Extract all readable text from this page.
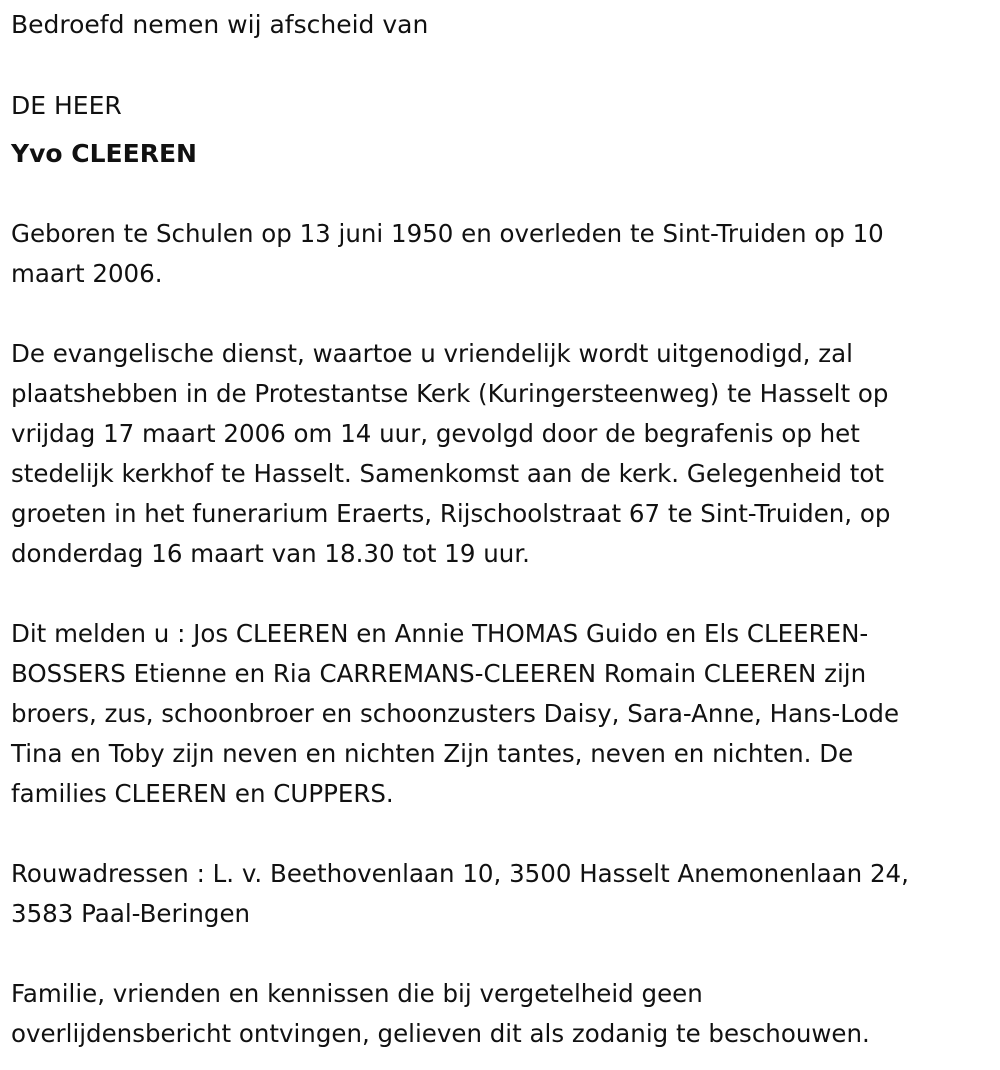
Bedroefd nemen wij afscheid van

DE HEER

Yvo CLEEREN

Geboren te Schulen op 13 juni 1950 en overleden te Sint-Truiden op 10
maart 2006.
De evangelische dienst, waartoe u vriendelijk wordt uitgenodigd, zal
plaatshebben in de Protestantse Kerk (Kuringersteenweg) te Hasselt op
vrijdag 17 maart 2006 om 14 uur, gevolgd door de begrafenis op het
stedelijk kerkhof te Hasselt. Samenkomst aan de kerk. Gelegenheid tot
groeten in het funerarium Eraerts, Rijschoolstraat 67 te Sint-Truiden, op
donderdag 16 maart van 18.30 tot 19 uur.
Dit melden u : Jos CLEEREN en Annie THOMAS Guido en Els CLEEREN-
BOSSERS Etienne en Ria CARREMANS-CLEEREN Romain CLEEREN zijn
broers, zus, schoonbroer en schoonzusters Daisy, Sara-Anne, Hans-Lode
Tina en Toby zijn neven en nichten Zijn tantes, neven en nichten. De
families CLEEREN en CUPPERS.
Rouwadressen : L. v. Beethovenlaan 10, 3500 Hasselt Anemonenlaan 24,
3583 Paal-Beringen
Familie, vrienden en kennissen die bij vergetelheid geen
overlijdensbericht ontvingen, gelieven dit als zodanig te beschouwen.
